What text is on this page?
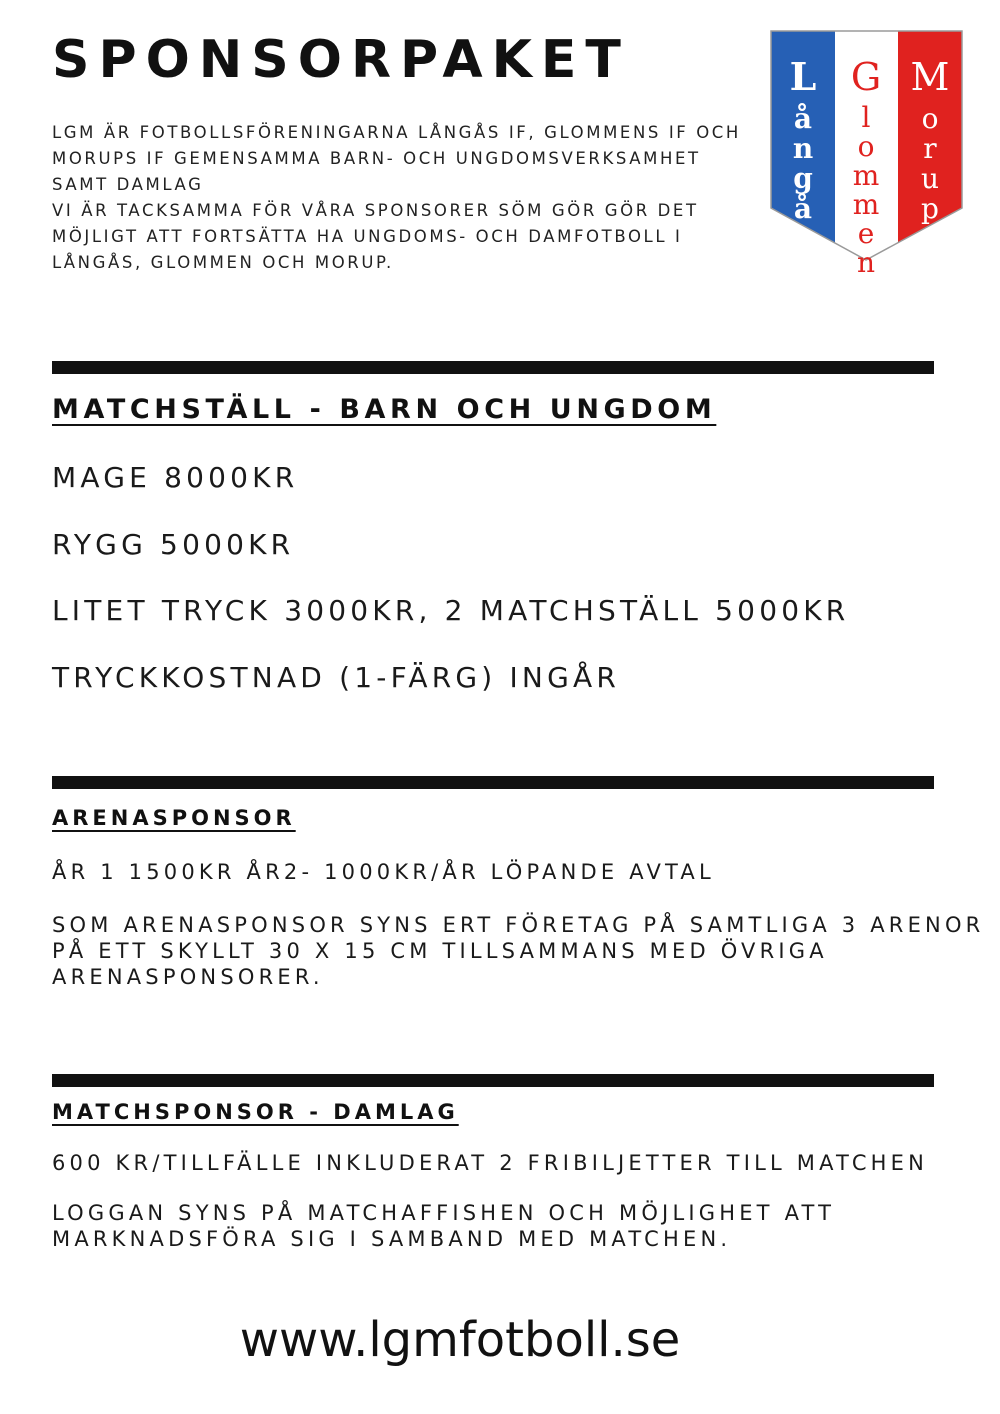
SPONSORPAKET
LGM ÄR FOTBOLLSFÖRENINGARNA LÅNGÅS IF, GLOMMENS IF OCH
MORUPS IF GEMENSAMMA BARN- OCH UNGDOMSVERKSAMHET
SAMT DAMLAG
VI ÄR TACKSAMMA FÖR VÅRA SPONSORER SÖM GÖR GÖR DET
MÖJLIGT ATT FORTSÄTTA HA UNGDOMS- OCH DAMFOTBOLL I
LÅNGÅS, GLOMMEN OCH MORUP.
L å n g å s
G l o m m e n
M o r u p
MATCHSTÄLL - BARN OCH UNGDOM
MAGE 8000KR
RYGG 5000KR
LITET TRYCK 3000KR, 2 MATCHSTÄLL 5000KR
TRYCKKOSTNAD (1-FÄRG) INGÅR
ARENASPONSOR
ÅR 1 1500KR ÅR2- 1000KR/ÅR LÖPANDE AVTAL
SOM ARENASPONSOR SYNS ERT FÖRETAG PÅ SAMTLIGA 3 ARENOR
PÅ ETT SKYLLT 30 X 15 CM TILLSAMMANS MED ÖVRIGA
ARENASPONSORER.
MATCHSPONSOR - DAMLAG
600 KR/TILLFÄLLE INKLUDERAT 2 FRIBILJETTER TILL MATCHEN
LOGGAN SYNS PÅ MATCHAFFISHEN OCH MÖJLIGHET ATT
MARKNADSFÖRA SIG I SAMBAND MED MATCHEN.
www.lgmfotboll.se
